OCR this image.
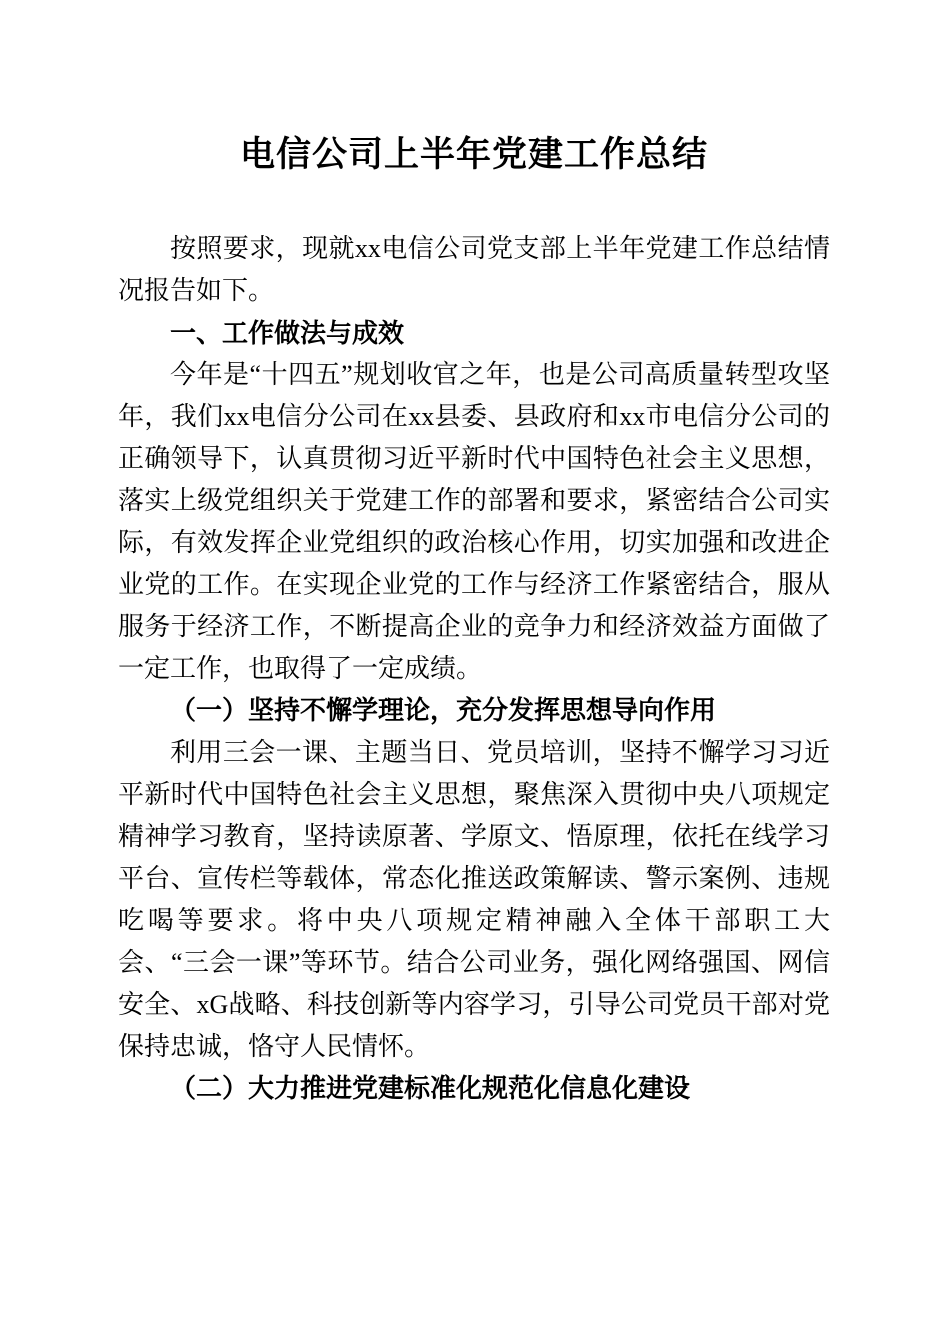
电信公司上半年党建工作总结

按照要求，现就xx电信公司党支部上半年党建工作总结情况报告如下。

一、工作做法与成效

今年是“十四五”规划收官之年，也是公司高质量转型攻坚年，我们xx电信分公司在xx县委、县政府和xx市电信分公司的正确领导下，认真贯彻习近平新时代中国特色社会主义思想，落实上级党组织关于党建工作的部署和要求，紧密结合公司实际，有效发挥企业党组织的政治核心作用，切实加强和改进企业党的工作。在实现企业党的工作与经济工作紧密结合，服从服务于经济工作，不断提高企业的竞争力和经济效益方面做了一定工作，也取得了一定成绩。

（一）坚持不懈学理论，充分发挥思想导向作用

利用三会一课、主题当日、党员培训，坚持不懈学习习近平新时代中国特色社会主义思想，聚焦深入贯彻中央八项规定精神学习教育，坚持读原著、学原文、悟原理，依托在线学习平台、宣传栏等载体，常态化推送政策解读、警示案例、违规吃喝等要求。将中央八项规定精神融入全体干部职工大会、“三会一课”等环节。结合公司业务，强化网络强国、网信安全、xG战略、科技创新等内容学习，引导公司党员干部对党保持忠诚，恪守人民情怀。

（二）大力推进党建标准化规范化信息化建设
